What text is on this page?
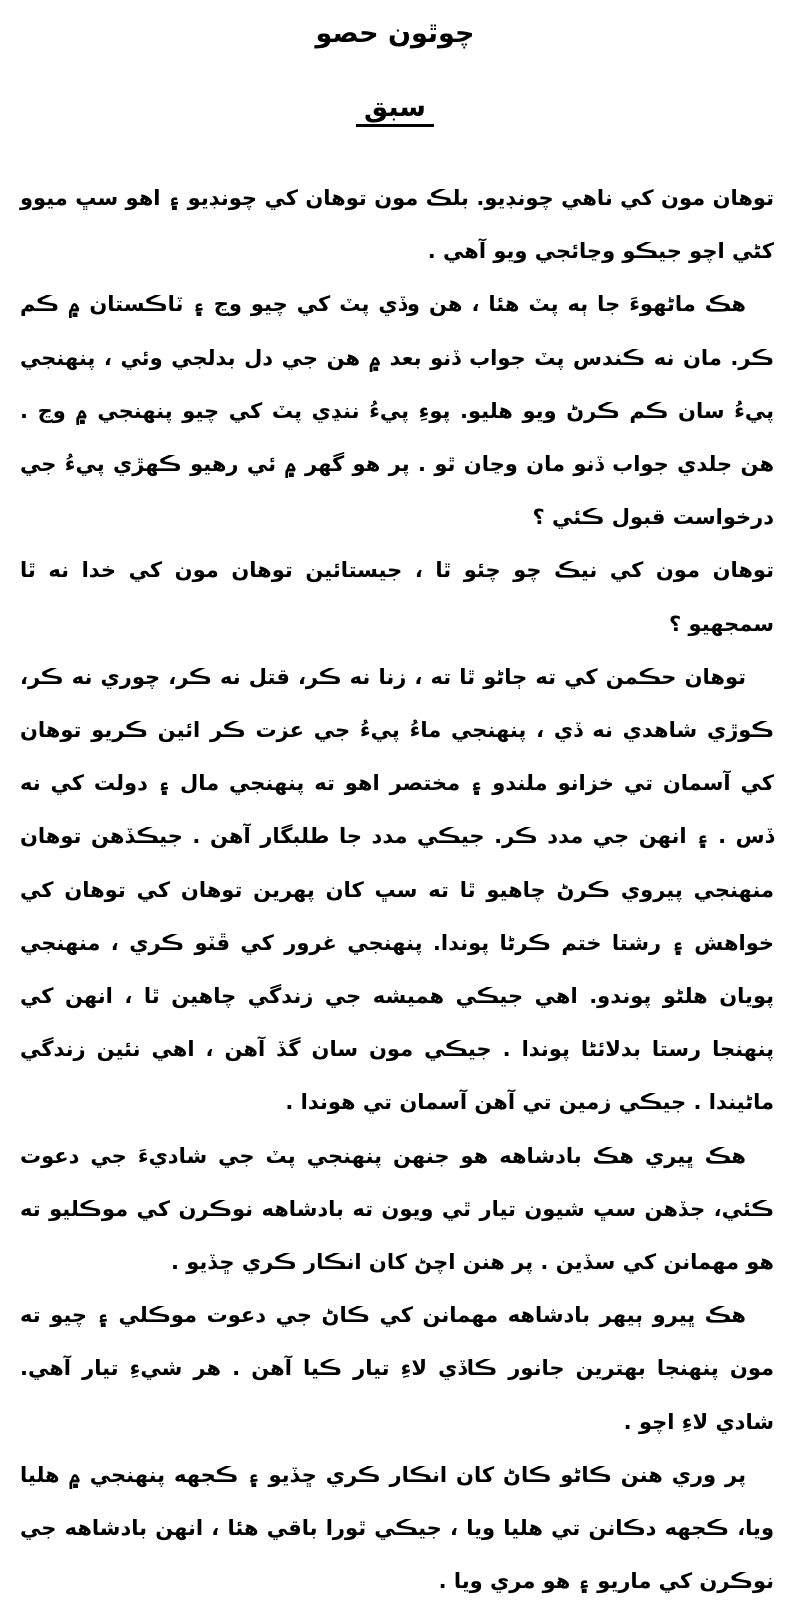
چوٿون حصو
سبق

توهان مون کي ناهي چونڊيو. بلڪ مون توهان کي چونڊيو ۽ اهو سڀ ميوو کڻي اچو جيڪو وڃائجي ويو آهي .

هڪ ماڻهوءَ جا ٻه پٽ هئا ، هن وڏي پٽ کي چيو وڃ ۽ ٽاڪستان ۾ ڪم ڪر. مان نه ڪندس پٽ جواب ڏنو بعد ۾ هن جي دل بدلجي وئي ، پنهنجي پيءُ سان ڪم ڪرڻ ويو هليو. پوءِ پيءُ ننڍي پٽ کي چيو پنهنجي ۾ وڃ . هن جلدي جواب ڏنو مان وڃان ٿو . پر هو گهر ۾ ئي رهيو ڪهڙي پيءُ جي درخواست قبول ڪئي ؟

توهان مون کي نيڪ چو چئو ٿا ، جيستائين توهان مون کي خدا نه ٿا سمجهيو ؟

توهان حڪمن کي ته ڄاڻو ٿا ته ، زنا نه ڪر، قتل نه ڪر، چوري نه ڪر، ڪوڙي شاهدي نه ڏي ، پنهنجي ماءُ پيءُ جي عزت ڪر ائين ڪريو توهان کي آسمان تي خزانو ملندو ۽ مختصر اهو ته پنهنجي مال ۽ دولت کي نه ڏس . ۽ انهن جي مدد ڪر. جيڪي مدد جا طلبگار آهن . جيڪڏهن توهان منهنجي پيروي ڪرڻ چاهيو ٿا ته سڀ کان پهرين توهان کي توهان کي خواهش ۽ رشتا ختم ڪرڻا پوندا. پنهنجي غرور کي ڦٽو ڪري ، منهنجي پويان هلڻو پوندو. اهي جيڪي هميشه جي زندگي چاهين ٿا ، انهن کي پنهنجا رستا بدلائڻا پوندا . جيڪي مون سان گڏ آهن ، اهي نئين زندگي ماڻيندا . جيڪي زمين تي آهن آسمان تي هوندا .

هڪ ڀيري هڪ بادشاهه هو جنهن پنهنجي پٽ جي شاديءَ جي دعوت ڪئي، جڏهن سڀ شيون تيار ٿي ويون ته بادشاهه نوڪرن کي موڪليو ته هو مهمانن کي سڏين . پر هنن اچڻ کان انڪار ڪري ڇڏيو .

هڪ ڀيرو ٻيهر بادشاهه مهمانن کي ڪاڻ جي دعوت موڪلي ۽ چيو ته مون پنهنجا بهترين جانور ڪاڏي لاءِ تيار ڪيا آهن . هر شيءِ تيار آهي. شادي لاءِ اچو .

پر وري هنن ڪاڻو ڪاڻ کان انڪار ڪري ڇڏيو ۽ ڪجهه پنهنجي ۾ هليا ويا، ڪجهه دڪانن تي هليا ويا ، جيڪي ٿورا باقي هئا ، انهن بادشاهه جي نوڪرن کي ماريو ۽ هو مري ويا .
